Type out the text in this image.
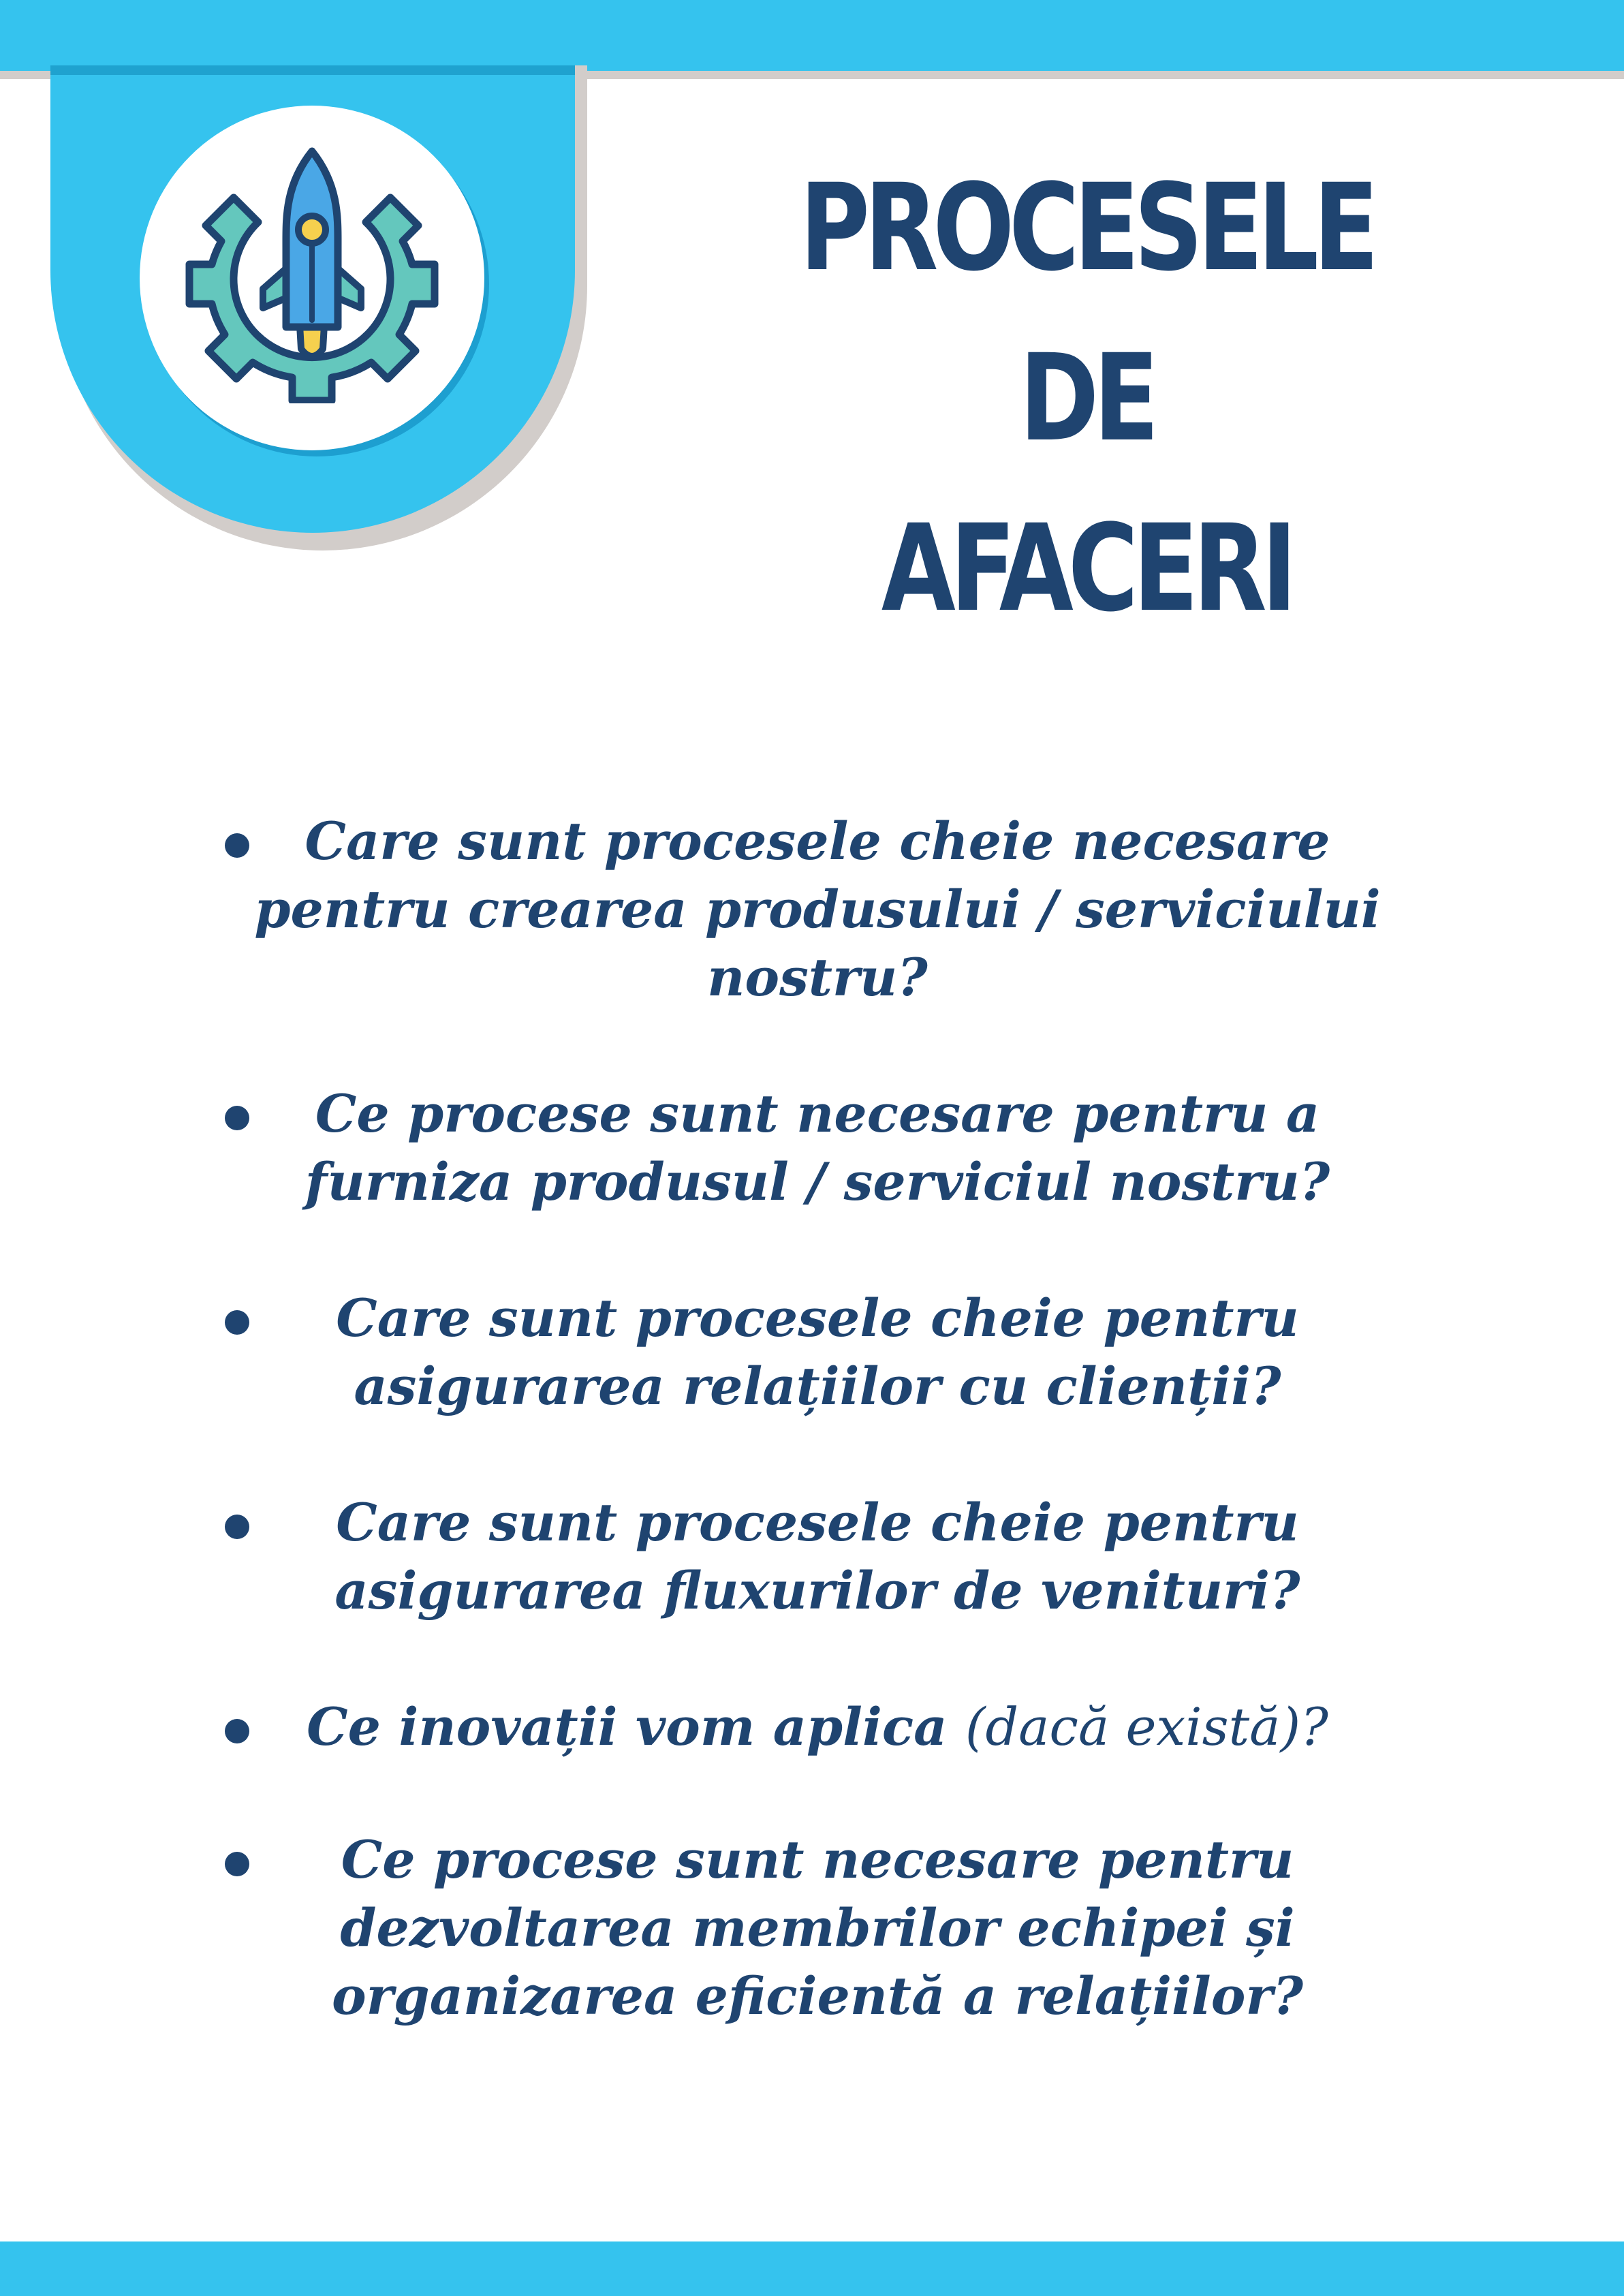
PROCESELE DE
AFACERI
Care sunt procesele cheie necesare pentru crearea produsului / serviciului nostru?
Ce procese sunt necesare pentru a furniza produsul / serviciul nostru?
Care sunt procesele cheie pentru asigurarea relațiilor cu clienții?
Care sunt procesele cheie pentru asigurarea fluxurilor de venituri?
Ce inovații vom aplica (dacă există)?
Ce procese sunt necesare pentru dezvoltarea membrilor echipei și organizarea eficientă a relațiilor?
